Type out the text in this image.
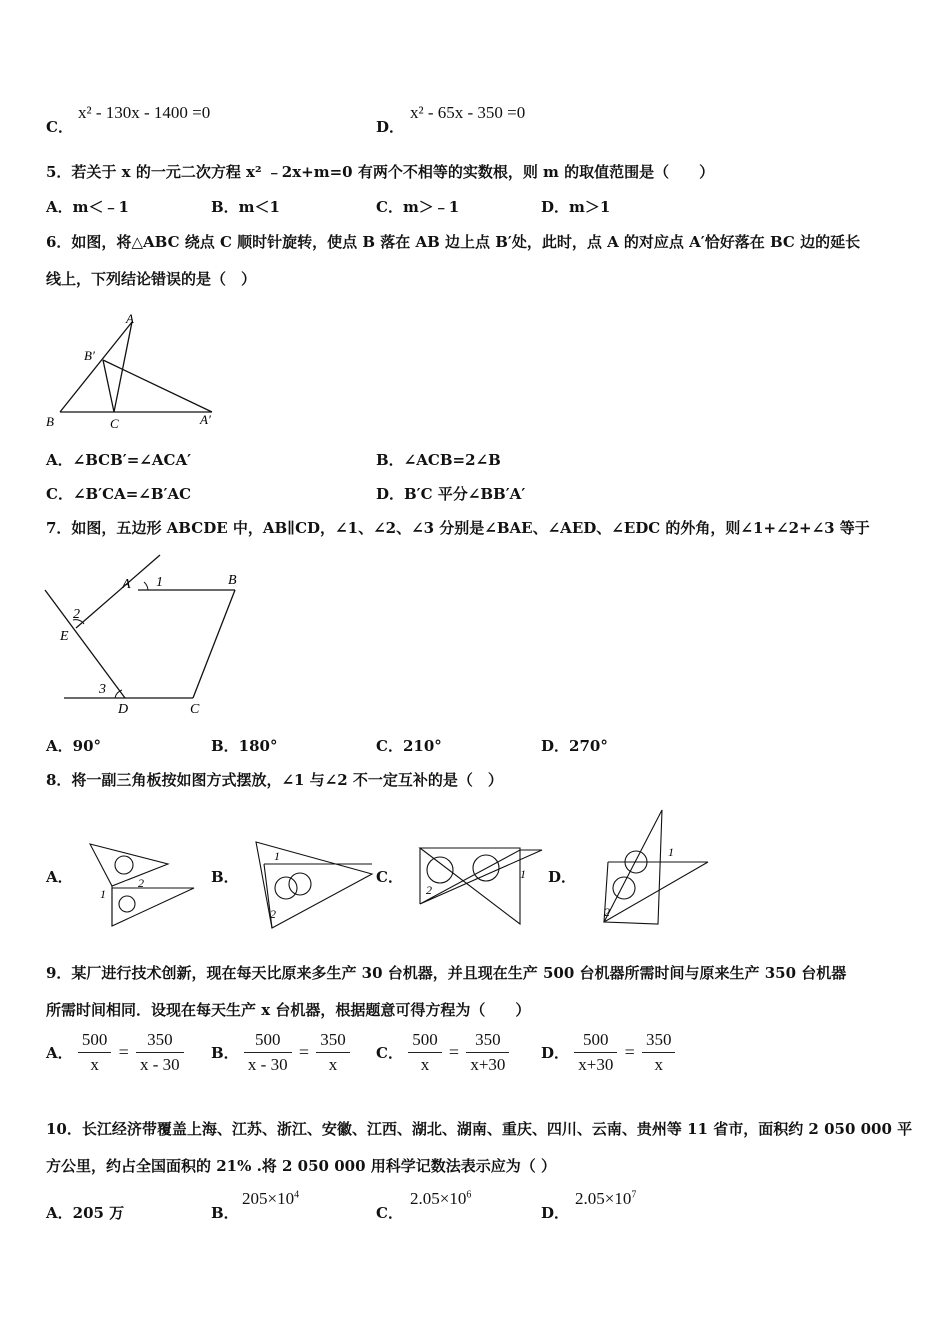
C．
x² - 130x - 1400 =0
D．
x² - 65x - 350 =0
5．若关于 x 的一元二次方程 x² ﹣2x+m=0 有两个不相等的实数根，则 m 的取值范围是（　　）
A．m＜﹣1	B．m＜1	C．m＞﹣1	D．m＞1
6．如图，将△ABC 绕点 C 顺时针旋转，使点 B 落在 AB 边上点 B′处，此时，点 A 的对应点 A′恰好落在 BC 边的延长
线上，下列结论错误的是（　）
A
B′
B	C	A′
A．∠BCB′=∠ACA′	B．∠ACB=2∠B
C．∠B′CA=∠B′AC	D．B′C 平分∠BB′A′
7．如图，五边形 ABCDE 中，AB∥CD，∠1、∠2、∠3 分别是∠BAE、∠AED、∠EDC 的外角，则∠1+∠2+∠3 等于
A 1	B
2
E
3
D	C
A．90°	B．180°	C．210°	D．270°
8．将一副三角板按如图方式摆放，∠1 与∠2 不一定互补的是（　）
A．
1
2	B．
1
2
C．
2
1 D．
1
2
9．某厂进行技术创新，现在每天比原来多生产 30 台机器，并且现在生产 500 台机器所需时间与原来生产 350 台机器
所需时间相同．设现在每天生产 x 台机器，根据题意可得方程为（　　）
A． $\frac{500}{x} = \frac{350}{x - 30}$ B． $\frac{500}{x - 30} = \frac{350}{x}$ C． $\frac{500}{x} = \frac{350}{x+30}$ D． $\frac{500}{x+30} = \frac{350}{x}$
10．长江经济带覆盖上海、江苏、浙江、安徽、江西、湖北、湖南、重庆、四川、云南、贵州等 11 省市，面积约 2 050 000 平
方公里，约占全国面积的 21% .将 2 050 000 用科学记数法表示应为（ ）
A．205 万	B．
$205\times 10^4$
C．
$2.05\times 10^6$
D．
$2.05\times 10^7$
